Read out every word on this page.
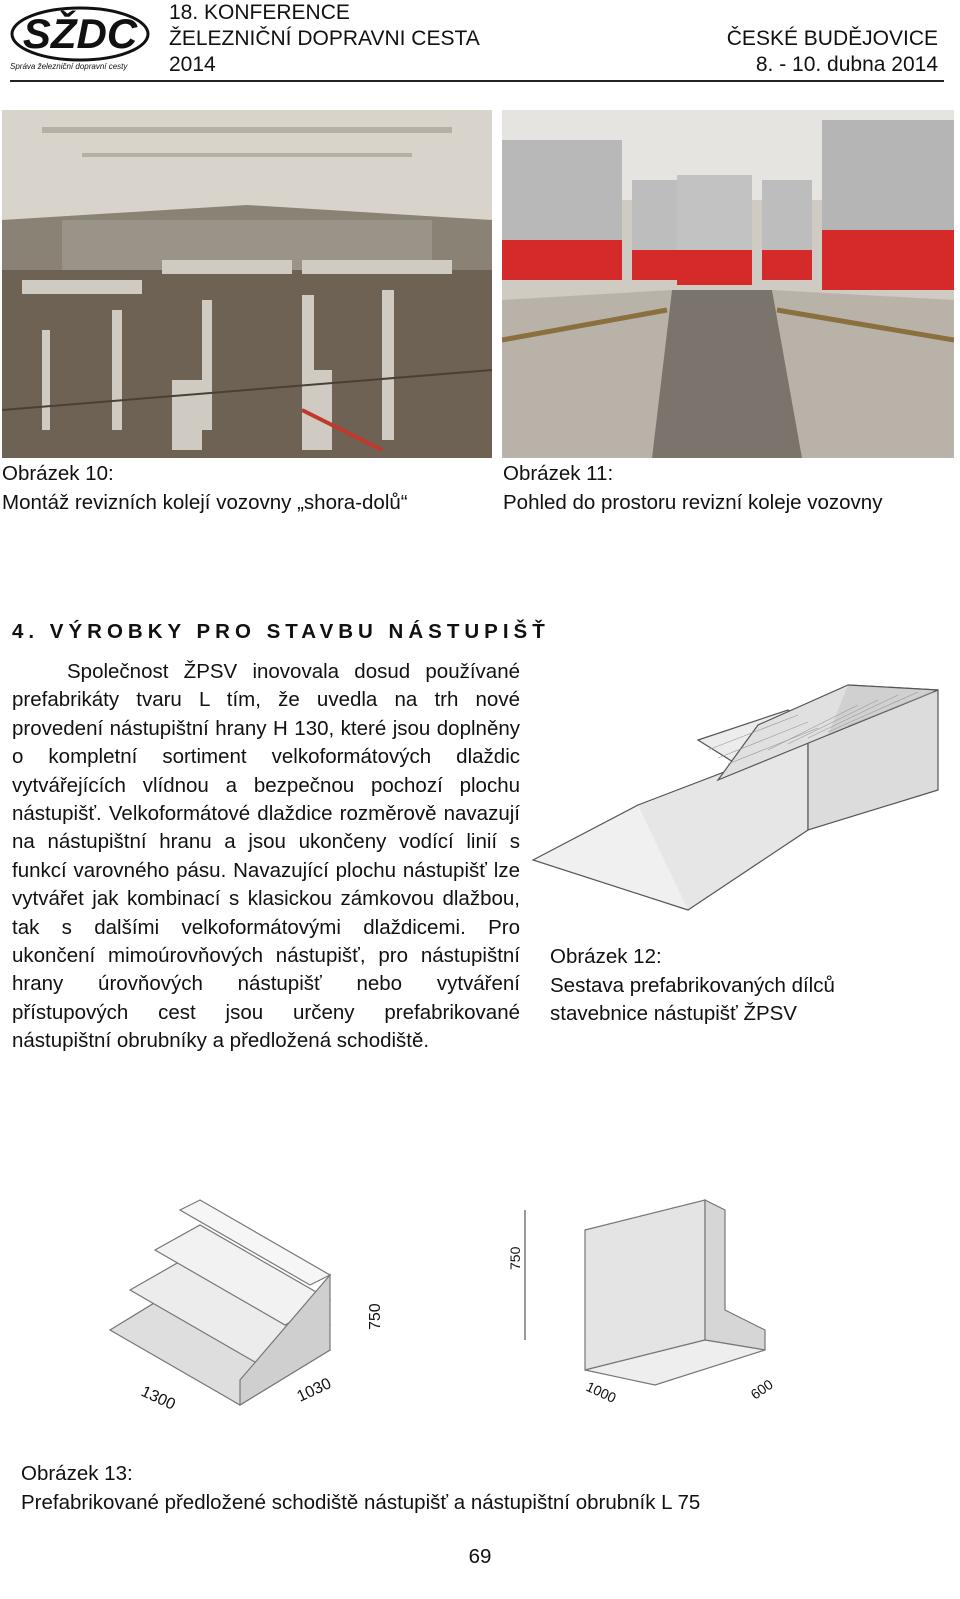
SŽDC
Správa železniční dopravní cesty
18. KONFERENCE
ŽELEZNIČNÍ DOPRAVNI CESTA
2014
ČESKÉ BUDĚJOVICE
8. - 10. dubna 2014
Obrázek 10:
Montáž revizních kolejí vozovny „shora-dolů“
Obrázek 11:
Pohled do prostoru revizní koleje vozovny
4. VÝROBKY PRO STAVBU NÁSTUPIŠŤ
Společnost ŽPSV inovovala dosud používané prefabrikáty tvaru L tím, že uvedla na trh nové provedení nástupištní hrany H 130, které jsou doplněny o kompletní sortiment velkoformátových dlaždic vytvářejících vlídnou a bezpečnou pochozí plochu nástupišť. Velkoformátové dlaždice rozměrově navazují na nástupištní hranu a jsou ukončeny vodící linií s funkcí varovného pásu. Navazující plochu nástupišť lze vytvářet jak kombinací s klasickou zámkovou dlažbou, tak s dalšími velkoformátovými dlaždicemi. Pro ukončení mimoúrovňových nástupišť, pro nástupištní hrany úrovňových nástupišť nebo vytváření přístupových cest jsou určeny prefabrikované nástupištní obrubníky a předložená schodiště.
Obrázek 12:
Sestava prefabrikovaných dílců
stavebnice nástupišť ŽPSV
1300	1030
750
750
1000	600
Obrázek 13:
Prefabrikované předložené schodiště nástupišť a nástupištní obrubník L 75
69
